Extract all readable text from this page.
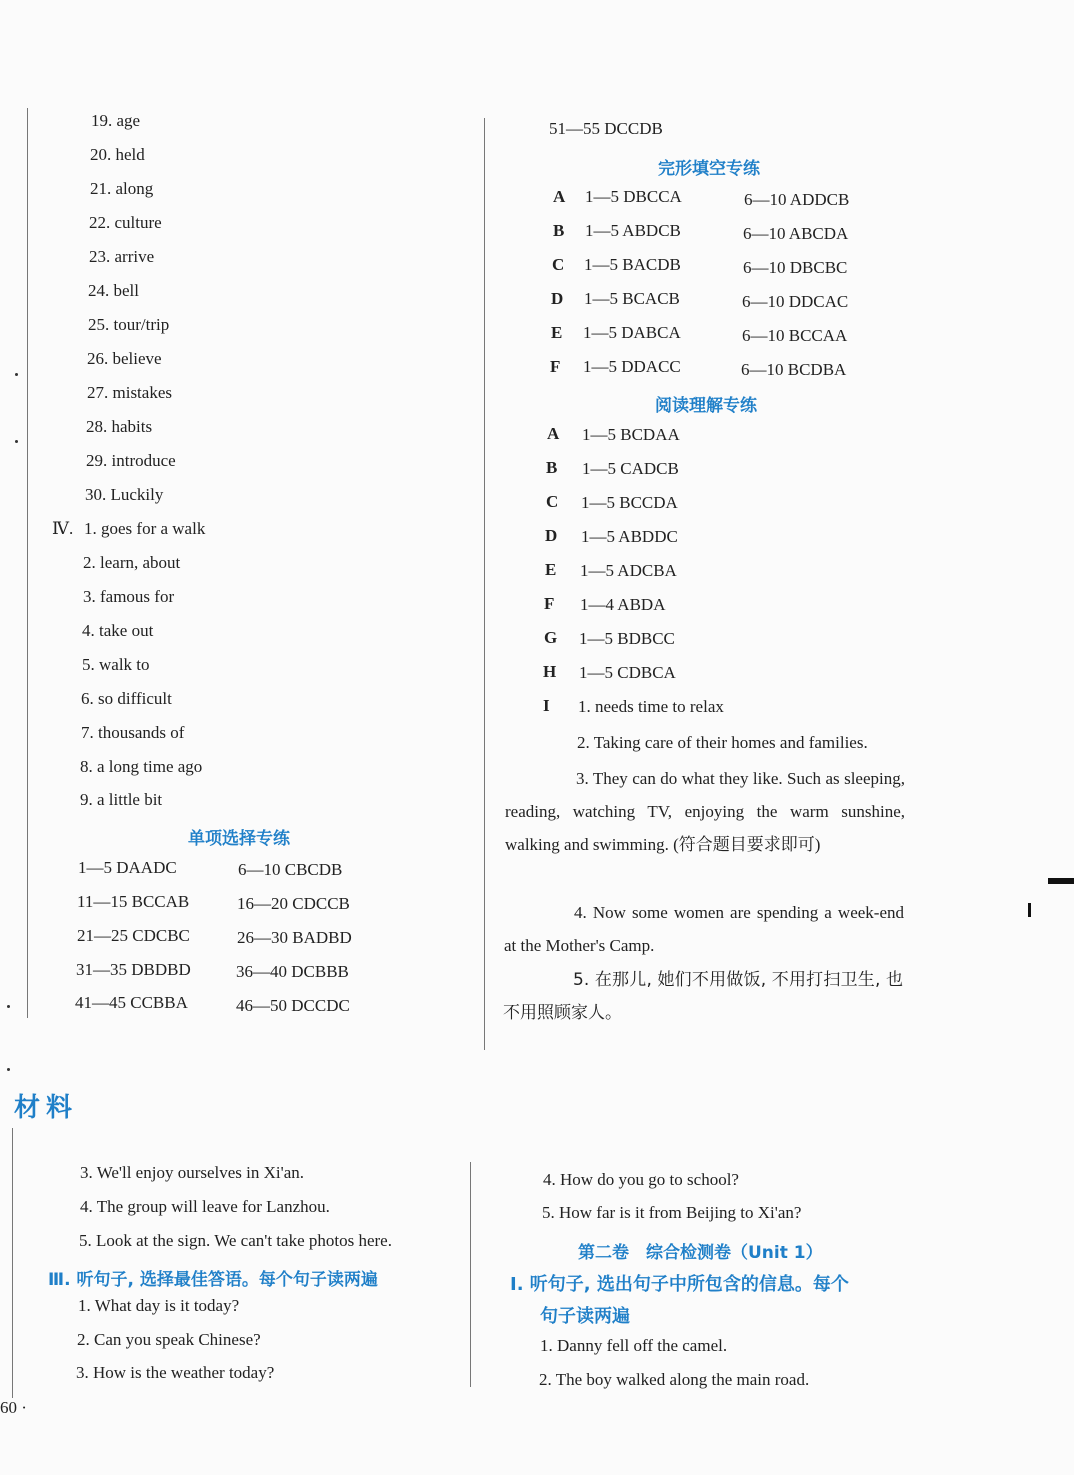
19. age
20. held
21. along
22. culture
23. arrive
24. bell
25. tour/trip
26. believe
27. mistakes
28. habits
29. introduce
30. Luckily
Ⅳ. 1. goes for a walk
2. learn, about
3. famous for
4. take out
5. walk to
6. so difficult
7. thousands of
8. a long time ago
9. a little bit
单项选择专练
1—5 DAADC	6—10 CBCDB
11—15 BCCAB	16—20 CDCCB
21—25 CDCBC	26—30 BADBD
31—35 DBDBD	36—40 DCBBB
41—45 CCBBA	46—50 DCCDC
51—55 DCCDB
完形填空专练
A 1—5 DBCCA	6—10 ADDCB
B 1—5 ABDCB	6—10 ABCDA
C 1—5 BACDB	6—10 DBCBC
D 1—5 BCACB	6—10 DDCAC
E 1—5 DABCA	6—10 BCCAA
F 1—5 DDACC	6—10 BCDBA
阅读理解专练
A 1—5 BCDAA
B 1—5 CADCB
C 1—5 BCCDA
D 1—5 ABDDC
E 1—5 ADCBA
F 1—4 ABDA
G 1—5 BDBCC
H 1—5 CDBCA
I 1. needs time to relax
2. Taking care of their homes and families.
3. They can do what they like. Such as sleeping, reading, watching TV, enjoying the warm sunshine, walking and swimming. (符合题目要求即可)
4. Now some women are spending a week-end at the Mother's Camp.
5. 在那儿, 她们不用做饭, 不用打扫卫生, 也不用照顾家人。
材料
3. We'll enjoy ourselves in Xi'an.
4. The group will leave for Lanzhou.
5. Look at the sign. We can't take photos here.
Ⅲ. 听句子, 选择最佳答语。每个句子读两遍
1. What day is it today?
2. Can you speak Chinese?
3. How is the weather today?
4. How do you go to school?
5. How far is it from Beijing to Xi'an?
第二卷　综合检测卷（Unit 1）
Ⅰ. 听句子, 选出句子中所包含的信息。每个
句子读两遍
1. Danny fell off the camel.
2. The boy walked along the main road.
60 ·
